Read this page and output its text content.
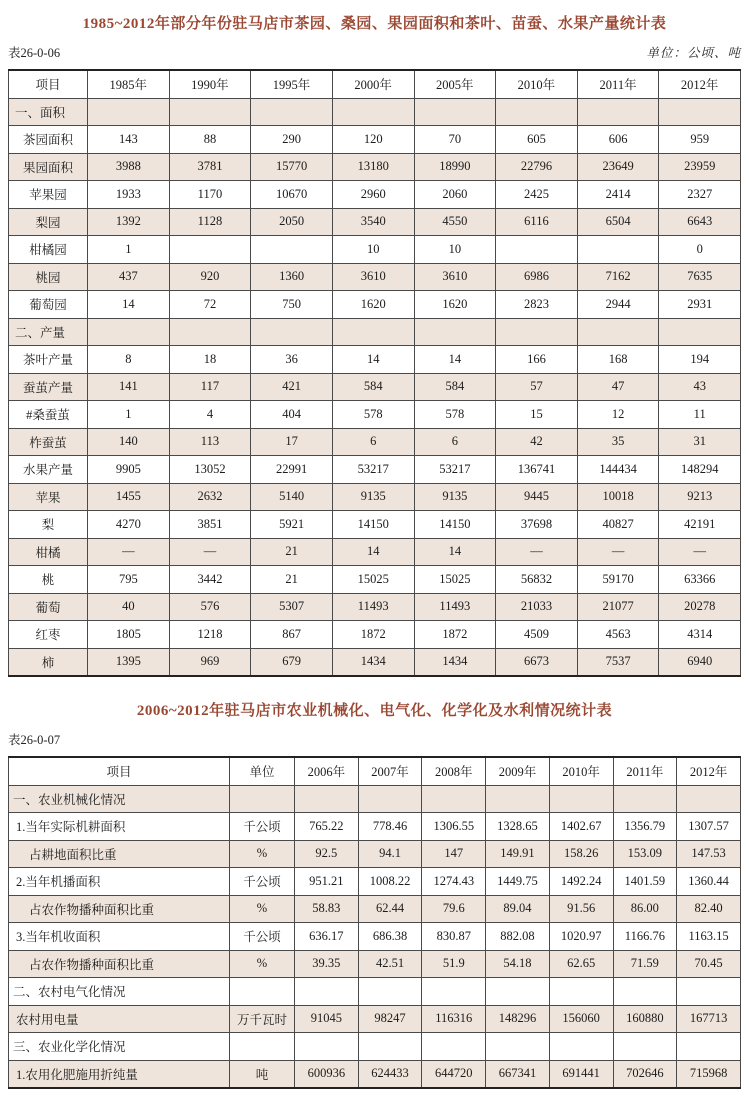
1985~2012年部分年份驻马店市茶园、桑园、果园面积和茶叶、苗蚕、水果产量统计表
表26-0-06	单位：公顷、吨
项目	1985年	1990年	1995年	2000年	2005年	2010年	2011年	2012年
一、面积								
茶园面积	143	88	290	120	70	605	606	959
果园面积	3988	3781	15770	13180	18990	22796	23649	23959
苹果园	1933	1170	10670	2960	2060	2425	2414	2327
梨园	1392	1128	2050	3540	4550	6116	6504	6643
柑橘园	1			10	10			0
桃园	437	920	1360	3610	3610	6986	7162	7635
葡萄园	14	72	750	1620	1620	2823	2944	2931
二、产量								
茶叶产量	8	18	36	14	14	166	168	194
蚕茧产量	141	117	421	584	584	57	47	43
#桑蚕茧	1	4	404	578	578	15	12	11
柞蚕茧	140	113	17	6	6	42	35	31
水果产量	9905	13052	22991	53217	53217	136741	144434	148294
苹果	1455	2632	5140	9135	9135	9445	10018	9213
梨	4270	3851	5921	14150	14150	37698	40827	42191
柑橘	—	—	21	14	14	—	—	—
桃	795	3442	21	15025	15025	56832	59170	63366
葡萄	40	576	5307	11493	11493	21033	21077	20278
红枣	1805	1218	867	1872	1872	4509	4563	4314
柿	1395	969	679	1434	1434	6673	7537	6940
2006~2012年驻马店市农业机械化、电气化、化学化及水利情况统计表
表26-0-07
项目	单位	2006年	2007年	2008年	2009年	2010年	2011年	2012年
一、农业机械化情况								
1.当年实际机耕面积	千公顷	765.22	778.46	1306.55	1328.65	1402.67	1356.79	1307.57
占耕地面积比重	%	92.5	94.1	147	149.91	158.26	153.09	147.53
2.当年机播面积	千公顷	951.21	1008.22	1274.43	1449.75	1492.24	1401.59	1360.44
占农作物播种面积比重	%	58.83	62.44	79.6	89.04	91.56	86.00	82.40
3.当年机收面积	千公顷	636.17	686.38	830.87	882.08	1020.97	1166.76	1163.15
占农作物播种面积比重	%	39.35	42.51	51.9	54.18	62.65	71.59	70.45
二、农村电气化情况								
农村用电量	万千瓦时	91045	98247	116316	148296	156060	160880	167713
三、农业化学化情况								
1.农用化肥施用折纯量	吨	600936	624433	644720	667341	691441	702646	715968
